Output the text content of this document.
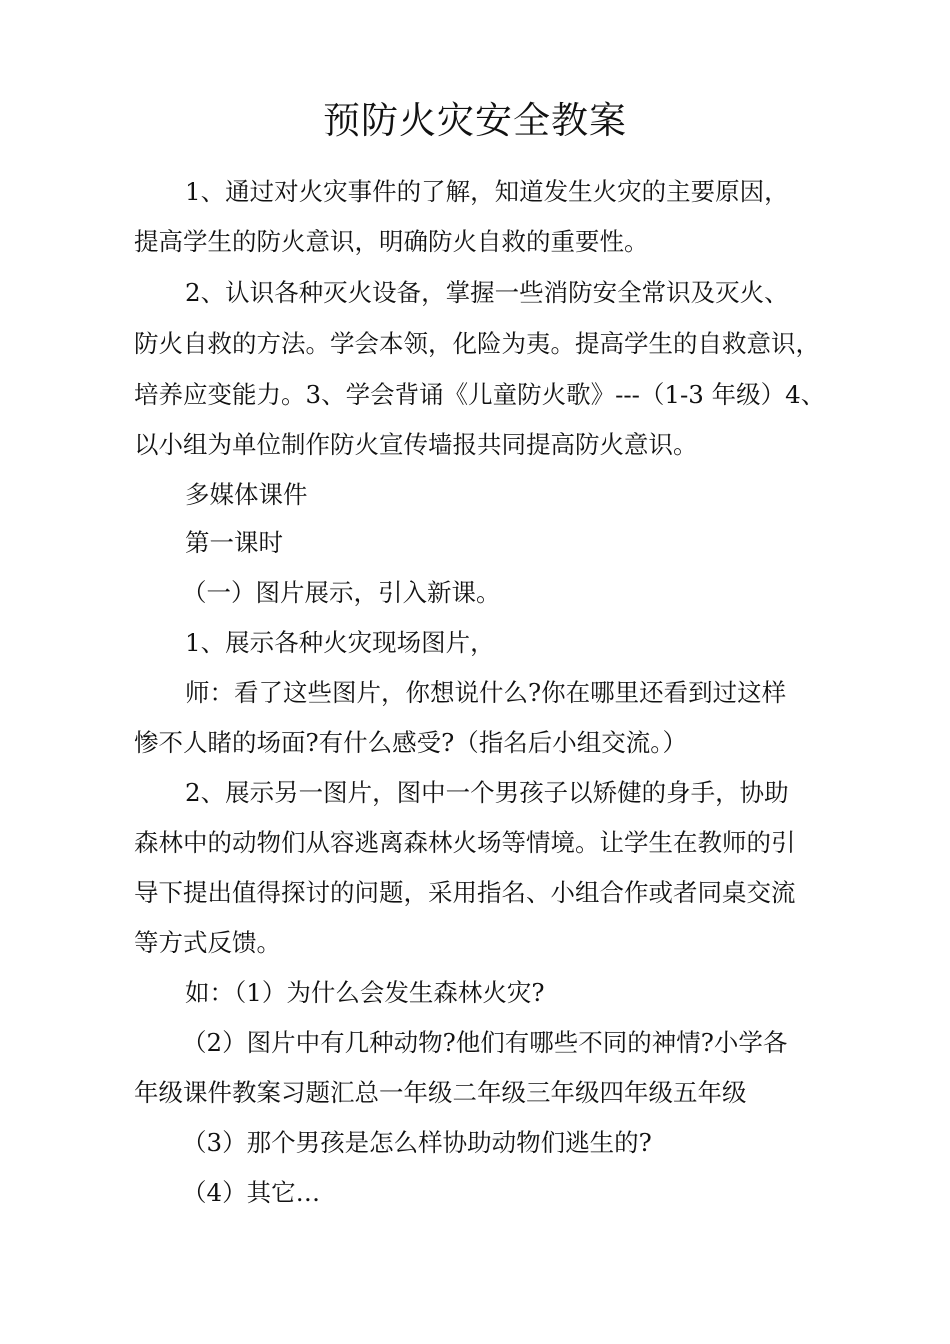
预防火灾安全教案
1、通过对火灾事件的了解，知道发生火灾的主要原因，
提高学生的防火意识，明确防火自救的重要性。
2、认识各种灭火设备，掌握一些消防安全常识及灭火、
防火自救的方法。学会本领，化险为夷。提高学生的自救意识，
培养应变能力。3、学会背诵《儿童防火歌》---（1-3 年级）4、
以小组为单位制作防火宣传墙报共同提高防火意识。
多媒体课件
第一课时
（一）图片展示，引入新课。
1、展示各种火灾现场图片，
师：看了这些图片，你想说什么?你在哪里还看到过这样
惨不人睹的场面?有什么感受?（指名后小组交流。）
2、展示另一图片，图中一个男孩子以矫健的身手，协助
森林中的动物们从容逃离森林火场等情境。让学生在教师的引
导下提出值得探讨的问题，采用指名、小组合作或者同桌交流
等方式反馈。
如：（1）为什么会发生森林火灾?
（2）图片中有几种动物?他们有哪些不同的神情?小学各
年级课件教案习题汇总一年级二年级三年级四年级五年级
（3）那个男孩是怎么样协助动物们逃生的?
（4）其它…
